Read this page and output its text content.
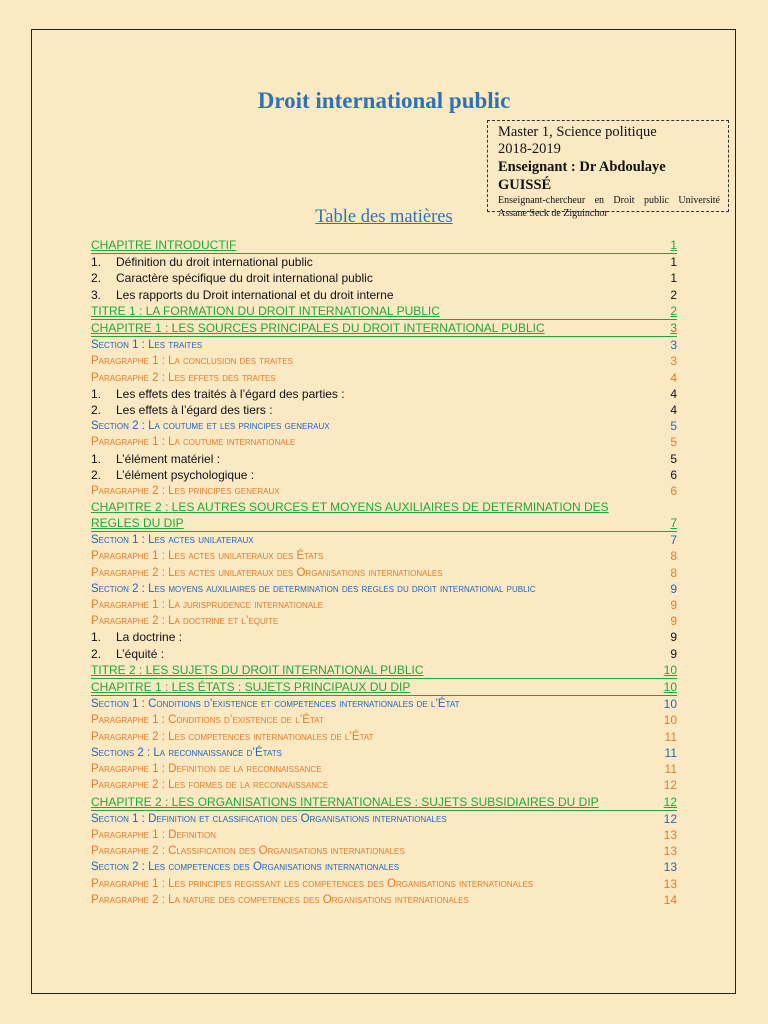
Droit international public
Master 1, Science politique
2018-2019
Enseignant : Dr Abdoulaye GUISSÉ
Enseignant-chercheur en Droit public Université Assane Seck de Ziguinchor
Table des matières
CHAPITRE INTRODUCTIF	1
1.	Définition du droit international public	1
2.	Caractère spécifique du droit international public	1
3.	Les rapports du Droit international et du droit interne	2
TITRE 1 : LA FORMATION DU DROIT INTERNATIONAL PUBLIC	2
CHAPITRE 1 : LES SOURCES PRINCIPALES DU DROIT INTERNATIONAL PUBLIC	3
Section 1 : Les traites	3
Paragraphe 1 : La conclusion des traites	3
Paragraphe 2 : Les effets des traites	4
1.	Les effets des traités à l’égard des parties :	4
2.	Les effets à l’égard des tiers :	4
Section 2 : La coutume et les principes generaux	5
Paragraphe 1 : La coutume internationale	5
1.	L’élément matériel :	5
2.	L’élément psychologique :	6
Paragraphe 2 : Les principes generaux	6
CHAPITRE 2 : LES AUTRES SOURCES ET MOYENS AUXILIAIRES DE DETERMINATION DES REGLES DU DIP	7
Section 1 : Les actes unilateraux	7
Paragraphe 1 : Les actes unilateraux des États	8
Paragraphe 2 : Les actes unilateraux des Organisations internationales	8
Section 2 : Les moyens auxiliaires de determination des regles du droit international public	9
Paragraphe 1 : La jurisprudence internationale	9
Paragraphe 2 : La doctrine et l’equite	9
1.	La doctrine :	9
2.	L’équité :	9
TITRE 2 : LES SUJETS DU DROIT INTERNATIONAL PUBLIC	10
CHAPITRE 1 : LES ÉTATS : SUJETS PRINCIPAUX DU DIP	10
Section 1 : Conditions d’existence et competences internationales de l’État	10
Paragraphe 1 : Conditions d’existence de l’État	10
Paragraphe 2 : Les competences internationales de l’État	11
Sections 2 : La reconnaissance d’États	11
Paragraphe 1 : Definition de la reconnaissance	11
Paragraphe 2 : Les formes de la reconnaissance	12
CHAPITRE 2 : LES ORGANISATIONS INTERNATIONALES : SUJETS SUBSIDIAIRES DU DIP	12
Section 1 : Definition et classification des Organisations internationales	12
Paragraphe 1 : Definition	13
Paragraphe 2 : Classification des Organisations internationales	13
Section 2 : Les competences des Organisations internationales	13
Paragraphe 1 : Les principes regissant les competences des Organisations internationales	13
Paragraphe 2 : La nature des competences des Organisations internationales	14
